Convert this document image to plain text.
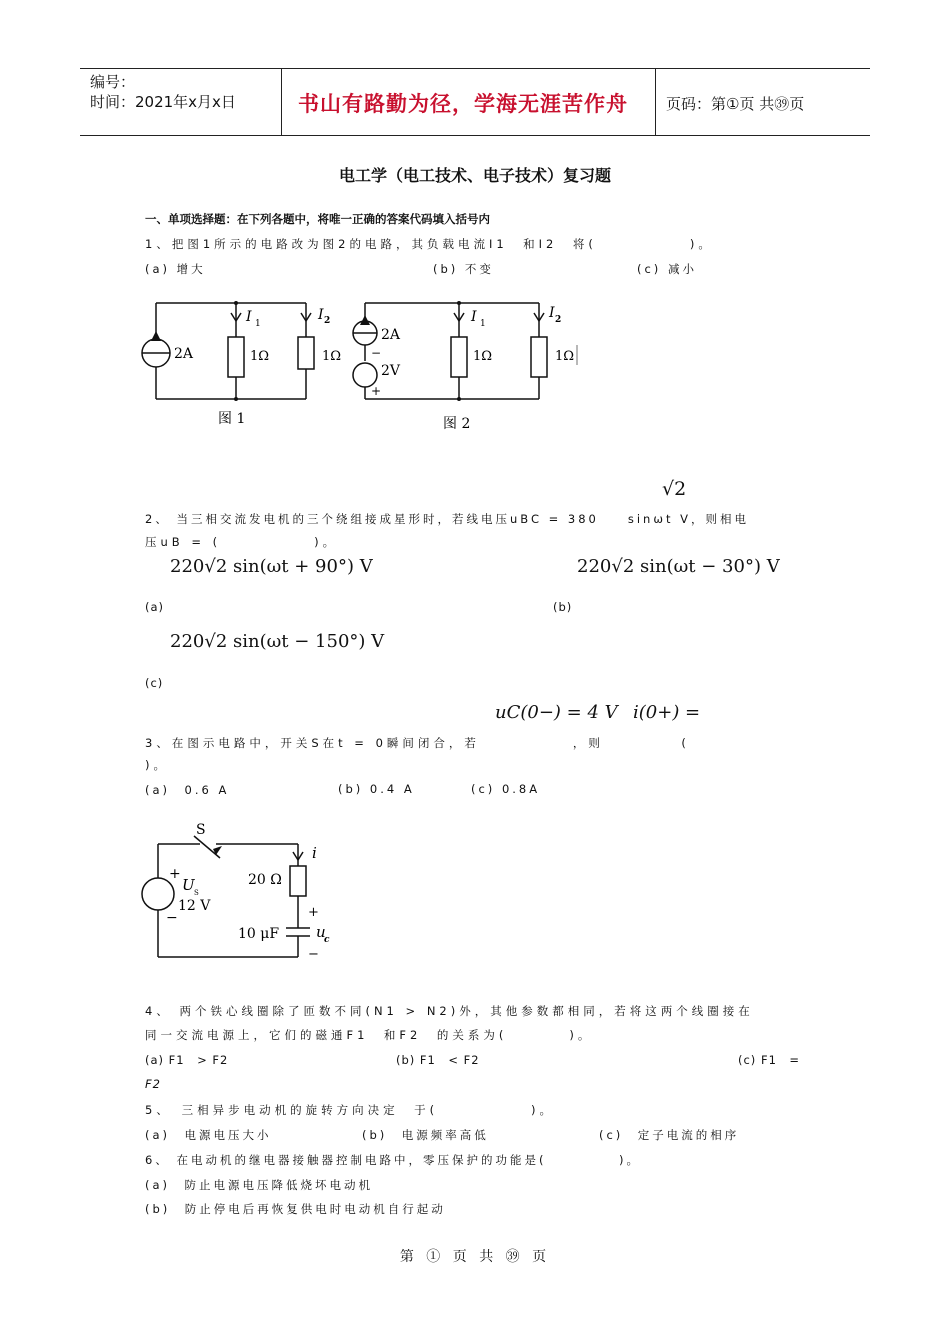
编号：
时间：2021年x月x日	书山有路勤为径，学海无涯苦作舟	页码：第①页 共㊴页
电工学（电工技术、电子技术）复习题
一、单项选择题：在下列各题中，将唯一正确的答案代码填入括号内
1、把图1所示的电路改为图2的电路，其负载电流I1　和I2　将(　　　　　　)。
(a) 增大	(b) 不变	(c) 减小
2A	1Ω	1Ω
I 1
I 2
图 1
2A
−
2V
+
1Ω	1Ω
I 1
I 2
图 2
√2
2、 当三相交流发电机的三个绕组接成星形时，若线电压uBC = 380　　sinωt V，则相电
压uB = (　　　　　　)。
220√2 sin(ωt + 90°) V	220√2 sin(ωt − 30°) V
(a)	(b)
220√2 sin(ωt − 150°) V
(c)
uC(0−) = 4 V i(0+) =
3、在图示电路中，开关S在t = 0瞬间闭合，若　　　　　　，则　　　　　(
)。
(a)　0.6 A	(b) 0.4 A	(c) 0.8A
S
i
+
U S
12 V
−
20 Ω
+
10 μF u
c
−
4、 两个铁心线圈除了匝数不同(N1 > N2)外，其他参数都相同，若将这两个线圈接在
同一交流电源上，它们的磁通F1　和F2　的关系为(　　　　)。
(a) F1　> F2	(b) F1　< F2	(c) F1　=
F2
5、　三相异步电动机的旋转方向决定　于(　　　　　　)。
(a)　电源电压大小	(b)　电源频率高低	(c)　定子电流的相序
6、 在电动机的继电器接触器控制电路中，零压保护的功能是(　　　　　)。
(a)　防止电源电压降低烧坏电动机
(b)　防止停电后再恢复供电时电动机自行起动
第 ① 页 共 ㊴ 页
